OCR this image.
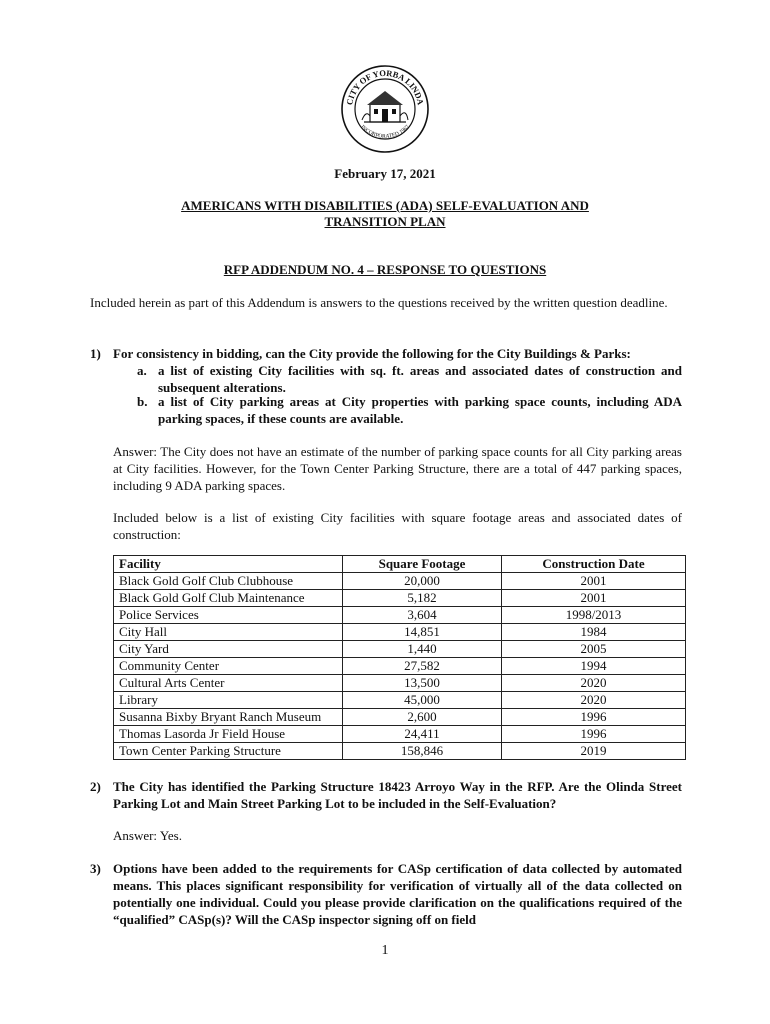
CITY OF YORBA LINDA
INCORPORATED 1967
February 17, 2021
AMERICANS WITH DISABILITIES (ADA) SELF-EVALUATION AND
TRANSITION PLAN
RFP ADDENDUM NO. 4 – RESPONSE TO QUESTIONS
Included herein as part of this Addendum is answers to the questions received by the written question deadline.
1) For consistency in bidding, can the City provide the following for the City Buildings & Parks:
a. a list of existing City facilities with sq. ft. areas and associated dates of construction and subsequent alterations.
b. a list of City parking areas at City properties with parking space counts, including ADA parking spaces, if these counts are available.
Answer: The City does not have an estimate of the number of parking space counts for all City parking areas at City facilities. However, for the Town Center Parking Structure, there are a total of 447 parking spaces, including 9 ADA parking spaces.
Included below is a list of existing City facilities with square footage areas and associated dates of construction:
Facility	Square Footage	Construction Date
Black Gold Golf Club Clubhouse	20,000	2001
Black Gold Golf Club Maintenance	5,182	2001
Police Services	3,604	1998/2013
City Hall	14,851	1984
City Yard	1,440	2005
Community Center	27,582	1994
Cultural Arts Center	13,500	2020
Library	45,000	2020
Susanna Bixby Bryant Ranch Museum	2,600	1996
Thomas Lasorda Jr Field House	24,411	1996
Town Center Parking Structure	158,846	2019
2) The City has identified the Parking Structure 18423 Arroyo Way in the RFP. Are the Olinda Street Parking Lot and Main Street Parking Lot to be included in the Self-Evaluation?
Answer: Yes.
3) Options have been added to the requirements for CASp certification of data collected by automated means. This places significant responsibility for verification of virtually all of the data collected on potentially one individual. Could you please provide clarification on the qualifications required of the “qualified” CASp(s)? Will the CASp inspector signing off on field
1
